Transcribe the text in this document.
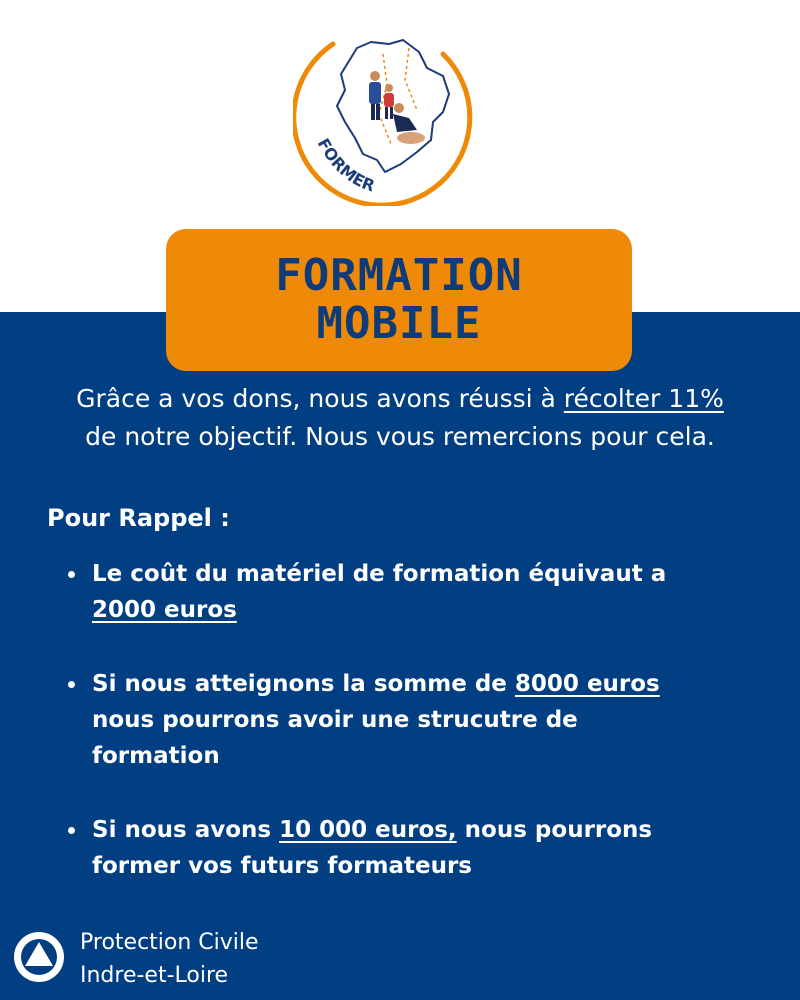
FORMER
FORMATION
MOBILE
Grâce a vos dons, nous avons réussi à récolter 11%
de notre objectif. Nous vous remercions pour cela.
Pour Rappel :
Le coût du matériel de formation équivaut a
2000 euros
Si nous atteignons la somme de 8000 euros
nous pourrons avoir une strucutre de formation
Si nous avons 10 000 euros, nous pourrons former vos futurs formateurs
Protection Civile
Indre-et-Loire
